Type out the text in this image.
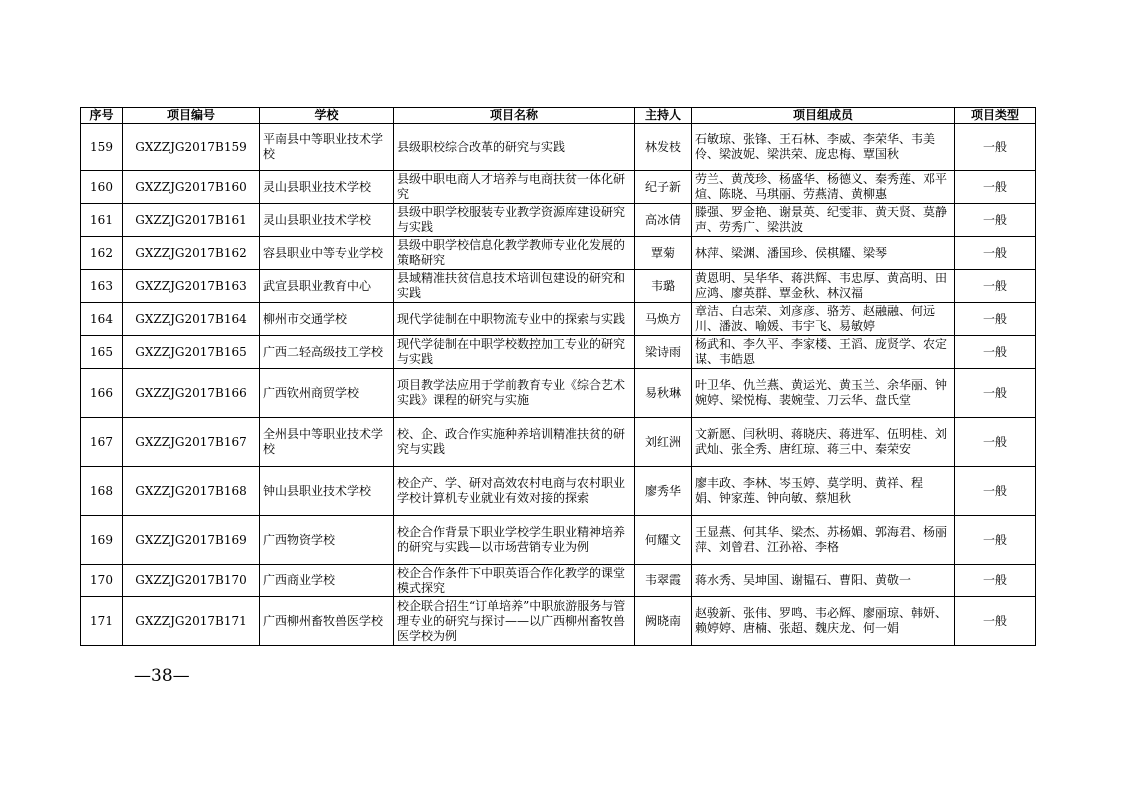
序号	项目编号	学校	项目名称	主持人	项目组成员	项目类型
159	GXZZJG2017B159	平南县中等职业技术学校	县级职校综合改革的研究与实践	林发枝	石敏琼、张锋、王石林、李威、李荣华、韦美伶、梁波妮、梁洪荣、庞忠梅、覃国秋	一般
160	GXZZJG2017B160	灵山县职业技术学校	县级中职电商人才培养与电商扶贫一体化研究	纪子新	劳兰、黄茂珍、杨盛华、杨德义、秦秀莲、邓平煊、陈晓、马琪丽、劳燕清、黄柳惠	一般
161	GXZZJG2017B161	灵山县职业技术学校	县级中职学校服装专业教学资源库建设研究与实践	高冰倩	滕强、罗金艳、谢景英、纪雯菲、黄天贤、莫静声、劳秀广、梁洪波	一般
162	GXZZJG2017B162	容县职业中等专业学校	县级中职学校信息化教学教师专业化发展的策略研究	覃菊	林萍、梁渊、潘国珍、侯棋耀、梁琴	一般
163	GXZZJG2017B163	武宣县职业教育中心	县域精准扶贫信息技术培训包建设的研究和实践	韦璐	黄恩明、吴华华、蒋洪辉、韦忠厚、黄高明、田应鸿、廖英群、覃金秋、林汉福	一般
164	GXZZJG2017B164	柳州市交通学校	现代学徒制在中职物流专业中的探索与实践	马焕方	章洁、白志荣、刘彦彦、骆芳、赵融融、何远川、潘波、喻媛、韦宇飞、易敏婷	一般
165	GXZZJG2017B165	广西二轻高级技工学校	现代学徒制在中职学校数控加工专业的研究与实践	梁诗雨	杨武和、李久平、李家楼、王滔、庞贤学、农定谋、韦皓恩	一般
166	GXZZJG2017B166	广西钦州商贸学校	项目教学法应用于学前教育专业《综合艺术实践》课程的研究与实施	易秋琳	叶卫华、仇兰燕、黄运光、黄玉兰、余华丽、钟婉婷、梁悦梅、裴婉莹、刀云华、盘氏堂	一般
167	GXZZJG2017B167	全州县中等职业技术学校	校、企、政合作实施种养培训精准扶贫的研究与实践	刘红洲	文新愿、闫秋明、蒋晓庆、蒋进军、伍明桂、刘武灿、张全秀、唐红琼、蒋三中、秦荣安	一般
168	GXZZJG2017B168	钟山县职业技术学校	校企产、学、研对高效农村电商与农村职业学校计算机专业就业有效对接的探索	廖秀华	廖丰政、李林、岑玉婷、莫学明、黄祥、程　娟、钟家莲、钟向敏、蔡旭秋	一般
169	GXZZJG2017B169	广西物资学校	校企合作背景下职业学校学生职业精神培养的研究与实践—以市场营销专业为例	何耀文	王显燕、何其华、梁杰、苏杨媚、郭海君、杨丽萍、刘曾君、江孙裕、李格	一般
170	GXZZJG2017B170	广西商业学校	校企合作条件下中职英语合作化教学的课堂模式探究	韦翠霞	蒋水秀、吴坤国、谢韫石、曹阳、黄敬一	一般
171	GXZZJG2017B171	广西柳州畜牧兽医学校	校企联合招生“订单培养”中职旅游服务与管理专业的研究与探讨——以广西柳州畜牧兽医学校为例	阙晓南	赵骏新、张伟、罗鸣、韦必辉、廖丽琼、韩妍、赖婷婷、唐楠、张超、魏庆龙、何一娟	一般
—38—
